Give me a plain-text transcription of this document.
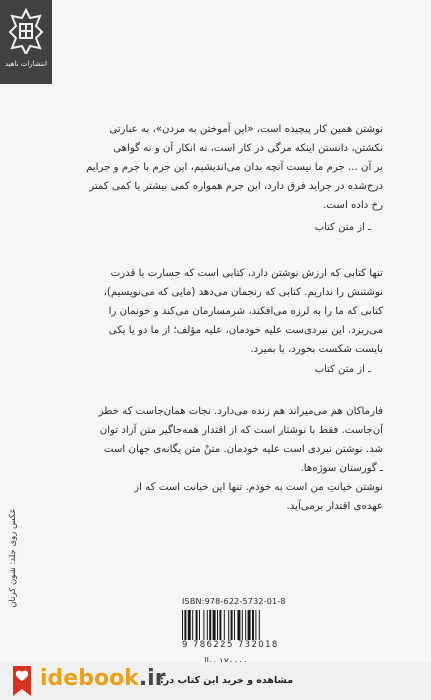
انتشارات ناهید
نوشتن همین کار پیچیده است، «این آموختن به مردن»، به عبارتی
نکشتن، دانستن اینکه مرگی در کار است، نه انکار آن و نه گواهی
بر آن ... جرم ما نیست آنچه بدان می‌اندیشیم، این جرم با جرم و جرایم
درج‌شده در جراید فرق دارد، این جرم همواره کمی بیشتر یا کمی کمتر
رخ داده است.
ـ از متن کتاب
تنها کتابی که ارزش نوشتن دارد، کتابی است که جسارت یا قدرت
نوشتنش را نداریم. کتابی که رنجمان می‌دهد (مایی که می‌نویسیم)،
کتابی که ما را به لرزه می‌افکند، شرمسارمان می‌کند و خونمان را
می‌ریزد. این نبردی‌ست علیه خودمان، علیه مؤلف؛ از ما دو یا یکی
بایست شکست بخورد، یا بمیرد.
ـ از متن کتاب
فارماکان هم می‌میراند هم زنده می‌دارد. نجات همان‌جاست که خطر
آن‌جاست. فقط با نوشتار است که از اقتدار همه‌جاگیر متن آزاد توان
شد. نوشتن نبردی است علیه خودمان. متنْ متن یگانه‌ی جهان است
ـ گورستان سوژه‌ها.
نوشتن خیانتِ من است به خودم. تنها این خیانت است که از
عهده‌ی اقتدار برمی‌آید.
عکس روی جلد: شون کرنان	ISBN:978-622-5732-01-8
9 786225 732018
idebook.ir
مشاهده و خرید این کتاب در:
